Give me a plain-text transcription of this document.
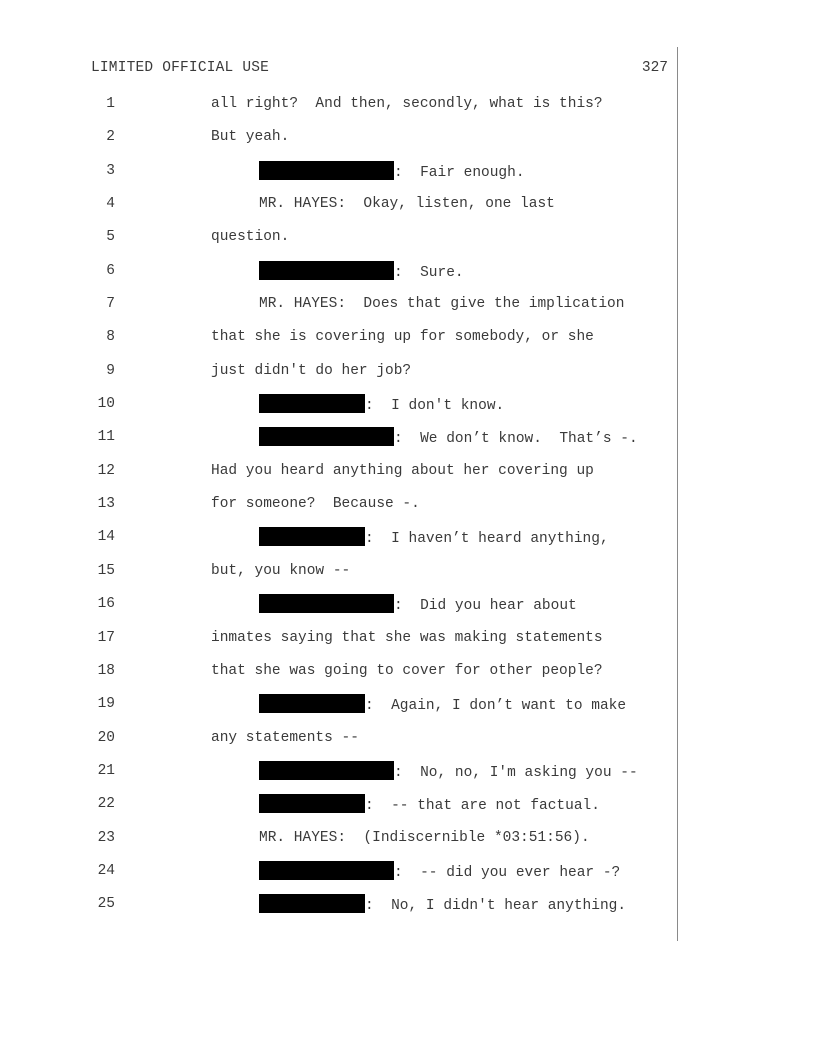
LIMITED OFFICIAL USE	327
1	all right?  And then, secondly, what is this?
2	But yeah.
3	:  Fair enough.
4	MR. HAYES:  Okay, listen, one last
5	question.
6	:  Sure.
7	MR. HAYES:  Does that give the implication
8	that she is covering up for somebody, or she
9	just didn't do her job?
10	:  I don't know.
11	:  We don’t know.  That’s -.
12	Had you heard anything about her covering up
13	for someone?  Because -.
14	:  I haven’t heard anything,
15	but, you know --
16	:  Did you hear about
17	inmates saying that she was making statements
18	that she was going to cover for other people?
19	:  Again, I don’t want to make
20	any statements --
21	:  No, no, I'm asking you --
22	:  -- that are not factual.
23	MR. HAYES:  (Indiscernible *03:51:56).
24	:  -- did you ever hear -?
25	:  No, I didn't hear anything.
